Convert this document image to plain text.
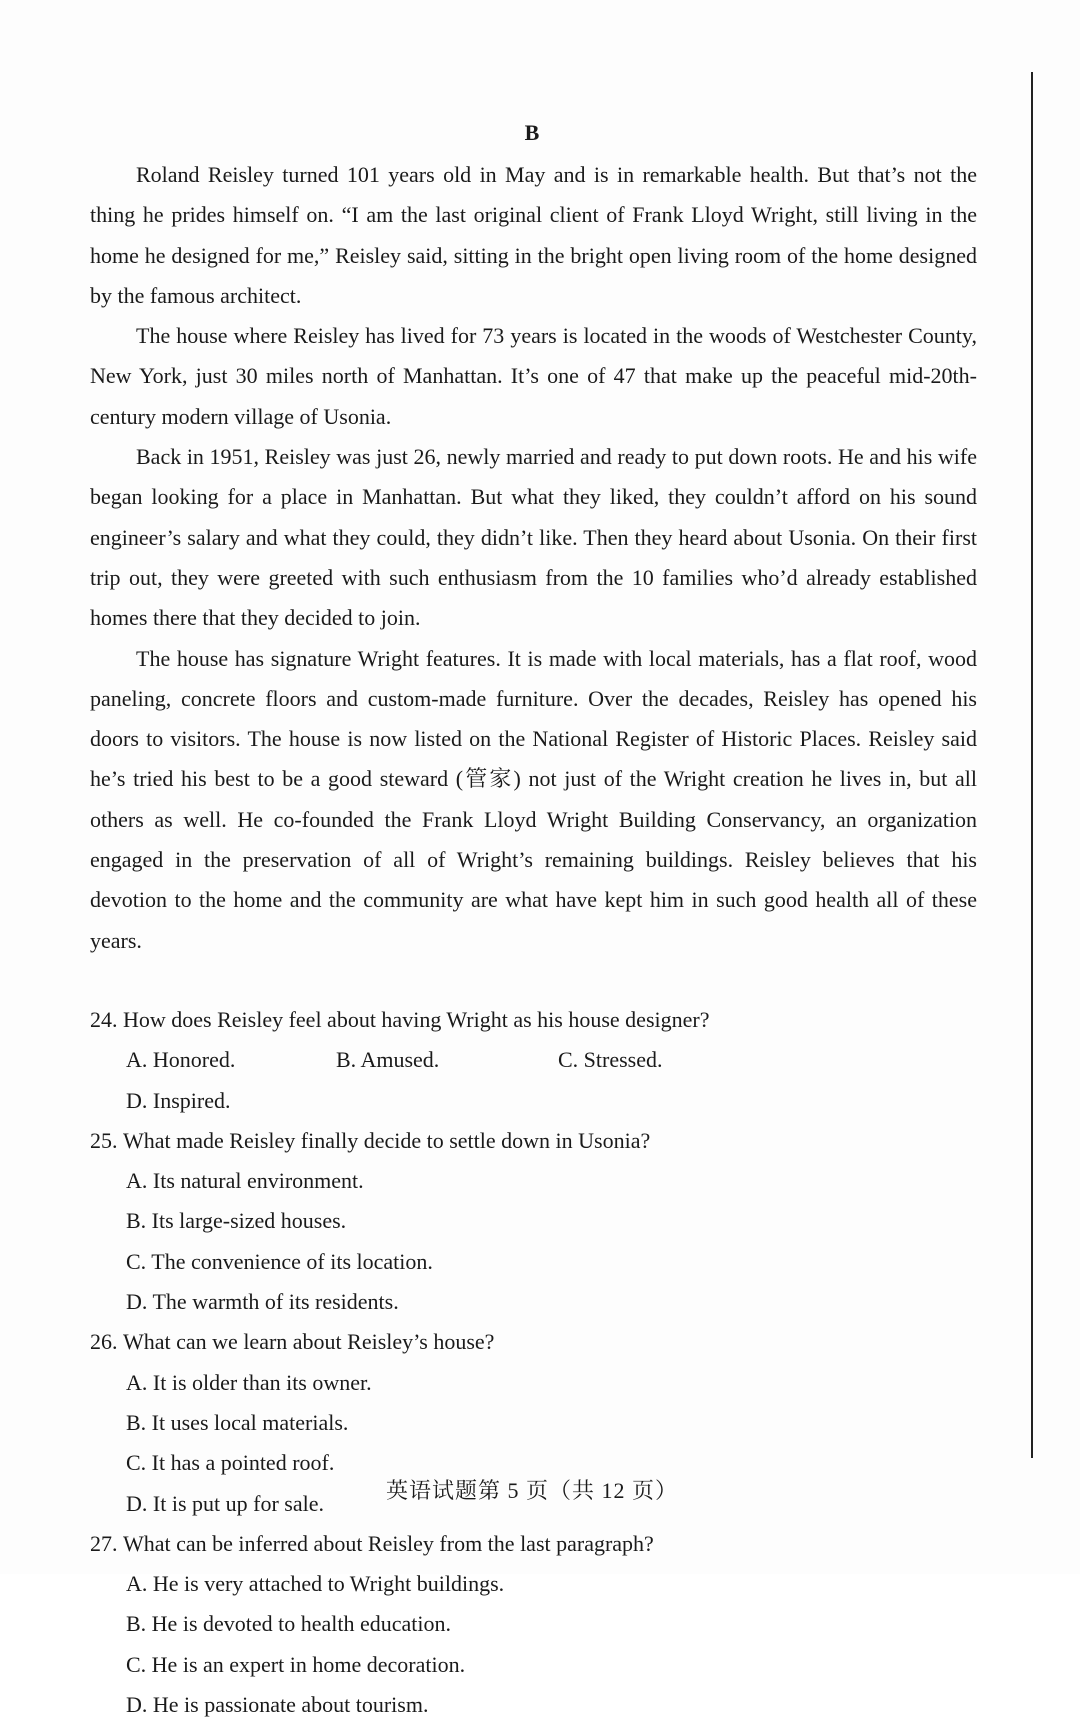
B

Roland Reisley turned 101 years old in May and is in remarkable health. But that’s not the thing he prides himself on. “I am the last original client of Frank Lloyd Wright, still living in the home he designed for me,” Reisley said, sitting in the bright open living room of the home designed by the famous architect.

The house where Reisley has lived for 73 years is located in the woods of Westchester County, New York, just 30 miles north of Manhattan. It’s one of 47 that make up the peaceful mid-20th-century modern village of Usonia.

Back in 1951, Reisley was just 26, newly married and ready to put down roots. He and his wife began looking for a place in Manhattan. But what they liked, they couldn’t afford on his sound engineer’s salary and what they could, they didn’t like. Then they heard about Usonia. On their first trip out, they were greeted with such enthusiasm from the 10 families who’d already established homes there that they decided to join.

The house has signature Wright features. It is made with local materials, has a flat roof, wood paneling, concrete floors and custom-made furniture. Over the decades, Reisley has opened his doors to visitors. The house is now listed on the National Register of Historic Places. Reisley said he’s tried his best to be a good steward (管家) not just of the Wright creation he lives in, but all others as well. He co-founded the Frank Lloyd Wright Building Conservancy, an organization engaged in the preservation of all of Wright’s remaining buildings. Reisley believes that his devotion to the home and the community are what have kept him in such good health all of these years.

24. How does Reisley feel about having Wright as his house designer?
A. Honored.	B. Amused.	C. Stressed.
D. Inspired.
25. What made Reisley finally decide to settle down in Usonia?
A. Its natural environment.
B. Its large-sized houses.
C. The convenience of its location.
D. The warmth of its residents.
26. What can we learn about Reisley’s house?
A. It is older than its owner.
B. It uses local materials.
C. It has a pointed roof.
D. It is put up for sale.
27. What can be inferred about Reisley from the last paragraph?
A. He is very attached to Wright buildings.
B. He is devoted to health education.
C. He is an expert in home decoration.
D. He is passionate about tourism.
英语试题第 5 页（共 12 页）
